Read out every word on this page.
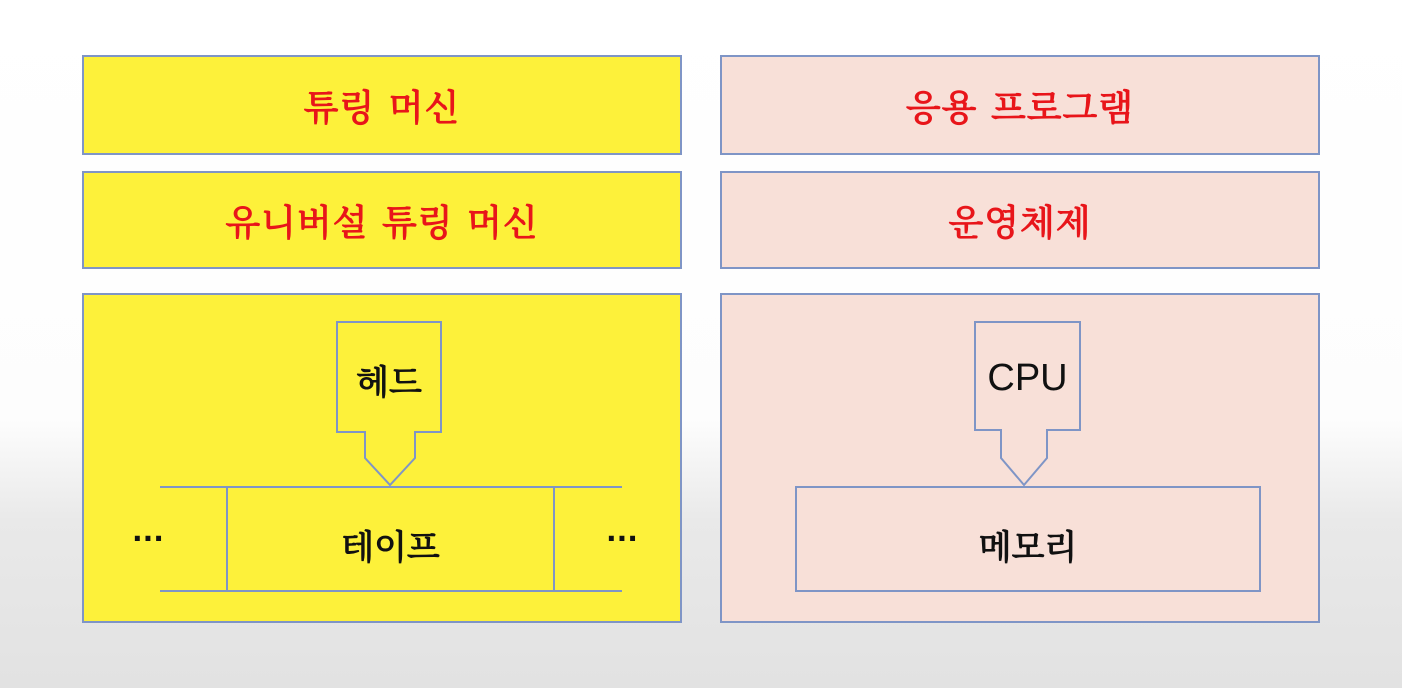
튜링 머신
유니버설 튜링 머신
응용 프로그램
운영체제
헤드
테이프
···	···
CPU
메모리
